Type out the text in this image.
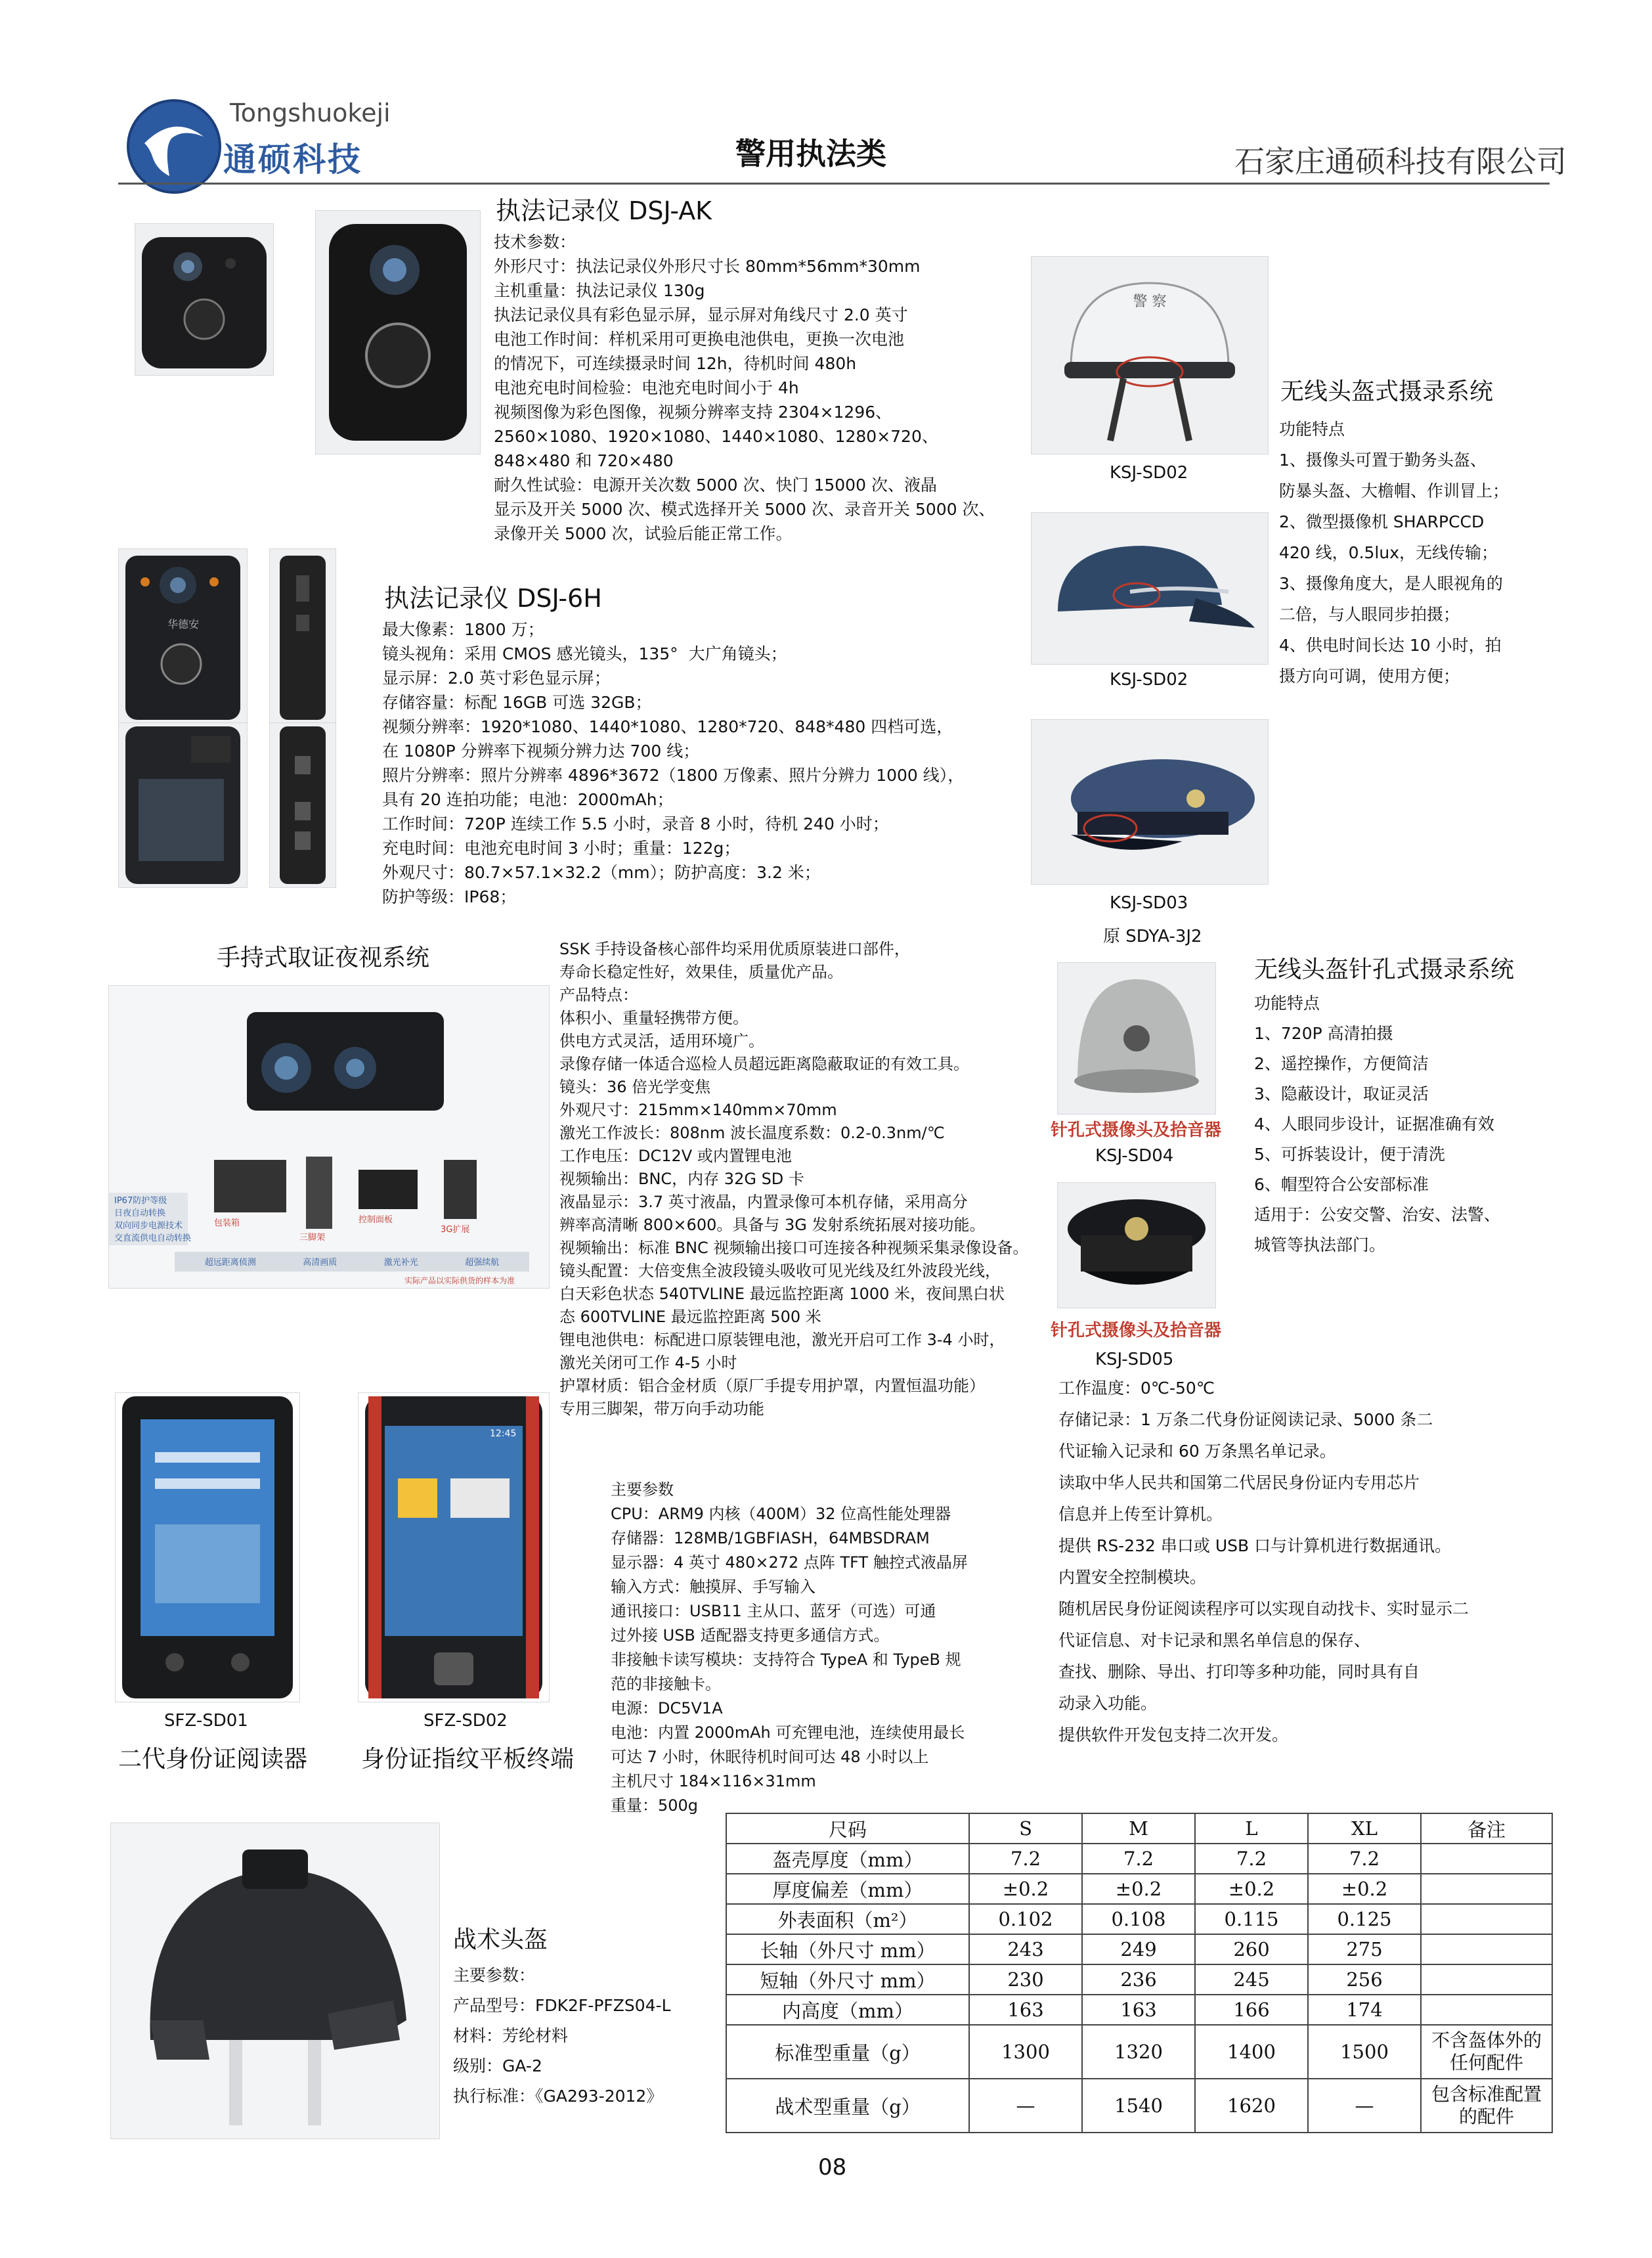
Tongshuokeji
通硕科技	警用执法类	石家庄通硕科技有限公司
执法记录仪 DSJ-AK
技术参数：
外形尺寸：执法记录仪外形尺寸长 80mm*56mm*30mm
主机重量：执法记录仪 130g
执法记录仪具有彩色显示屏，显示屏对角线尺寸 2.0 英寸
电池工作时间：样机采用可更换电池供电，更换一次电池
的情况下，可连续摄录时间 12h，待机时间 480h
电池充电时间检验：电池充电时间小于 4h
视频图像为彩色图像，视频分辨率支持 2304×1296、
2560×1080、1920×1080、1440×1080、1280×720、
848×480 和 720×480
耐久性试验：电源开关次数 5000 次、快门 15000 次、液晶
显示及开关 5000 次、模式选择开关 5000 次、录音开关 5000 次、
录像开关 5000 次，试验后能正常工作。
华德安
执法记录仪 DSJ-6H
最大像素：1800 万；
镜头视角：采用 CMOS 感光镜头，135°  大广角镜头；
显示屏：2.0 英寸彩色显示屏；
存储容量：标配 16GB 可选 32GB；
视频分辨率：1920*1080、1440*1080、1280*720、848*480 四档可选，
在 1080P 分辨率下视频分辨力达 700 线；
照片分辨率：照片分辨率 4896*3672（1800 万像素、照片分辨力 1000 线），
具有 20 连拍功能；电池：2000mAh；
工作时间：720P 连续工作 5.5 小时，录音 8 小时，待机 240 小时；
充电时间：电池充电时间 3 小时；重量：122g；
外观尺寸：80.7×57.1×32.2（mm）；防护高度：3.2 米；
防护等级：IP68；
警 察
KSJ-SD02
KSJ-SD02
KSJ-SD03
原 SDYA-3J2
无线头盔式摄录系统
功能特点
1、摄像头可置于勤务头盔、
防暴头盔、大檐帽、作训冒上；
2、微型摄像机 SHARPCCD
420 线，0.5lux，无线传输；
3、摄像角度大，是人眼视角的
二倍，与人眼同步拍摄；
4、供电时间长达 10 小时，拍
摄方向可调，使用方便；
针孔式摄像头及拾音器
KSJ-SD04
针孔式摄像头及拾音器
KSJ-SD05
无线头盔针孔式摄录系统
功能特点
1、720P 高清拍摄
2、遥控操作，方便简洁
3、隐蔽设计，取证灵活
4、人眼同步设计，证据准确有效
5、可拆装设计，便于清洗
6、帽型符合公安部标准
适用于：公安交警、治安、法警、
城管等执法部门。
手持式取证夜视系统
IP67防护等级
日夜自动转换
双向同步电源技术
交直流供电自动转换
包装箱
三脚架
控制面板
3G扩展
超远距离侦测	高清画质	激光补光	超强续航
实际产品以实际供货的样本为准
SSK 手持设备核心部件均采用优质原装进口部件，
寿命长稳定性好，效果佳，质量优产品。
产品特点：
体积小、重量轻携带方便。
供电方式灵活，适用环境广。
录像存储一体适合巡检人员超远距离隐蔽取证的有效工具。
镜头：36 倍光学变焦
外观尺寸：215mm×140mm×70mm
激光工作波长：808nm 波长温度系数：0.2-0.3nm/℃
工作电压：DC12V 或内置锂电池
视频输出：BNC，内存 32G SD 卡
液晶显示：3.7 英寸液晶，内置录像可本机存储，采用高分
辨率高清晰 800×600。具备与 3G 发射系统拓展对接功能。
视频输出：标准 BNC 视频输出接口可连接各种视频采集录像设备。
镜头配置：大倍变焦全波段镜头吸收可见光线及红外波段光线，
白天彩色状态 540TVLINE 最远监控距离 1000 米，夜间黑白状
态 600TVLINE 最远监控距离 500 米
锂电池供电：标配进口原装锂电池，激光开启可工作 3-4 小时，
激光关闭可工作 4-5 小时
护罩材质：铝合金材质（原厂手提专用护罩，内置恒温功能）
专用三脚架，带万向手动功能
12:45
SFZ-SD01
二代身份证阅读器
SFZ-SD02
身份证指纹平板终端
主要参数
CPU：ARM9 内核（400M）32 位高性能处理器
存储器：128MB/1GBFIASH，64MBSDRAM
显示器：4 英寸 480×272 点阵 TFT 触控式液晶屏
输入方式：触摸屏、手写输入
通讯接口：USB11 主从口、蓝牙（可选）可通
过外接 USB 适配器支持更多通信方式。
非接触卡读写模块：支持符合 TypeA 和 TypeB 规
范的非接触卡。
电源：DC5V1A
电池：内置 2000mAh 可充锂电池，连续使用最长
可达 7 小时，休眠待机时间可达 48 小时以上
主机尺寸 184×116×31mm
重量：500g
工作温度：0℃-50℃
存储记录：1 万条二代身份证阅读记录、5000 条二
代证输入记录和 60 万条黑名单记录。
读取中华人民共和国第二代居民身份证内专用芯片
信息并上传至计算机。
提供 RS-232 串口或 USB 口与计算机进行数据通讯。
内置安全控制模块。
随机居民身份证阅读程序可以实现自动找卡、实时显示二
代证信息、对卡记录和黑名单信息的保存、
查找、删除、导出、打印等多种功能，同时具有自
动录入功能。
提供软件开发包支持二次开发。
战术头盔
主要参数：
产品型号：FDK2F-PFZS04-L
材料：芳纶材料
级别：GA-2
执行标准：《GA293-2012》
尺码	S	M	L	XL	备注
盔壳厚度（mm）	7.2	7.2	7.2	7.2	
厚度偏差（mm）	±0.2	±0.2	±0.2	±0.2	
外表面积（m²）	0.102	0.108	0.115	0.125	
长轴（外尺寸 mm）	243	249	260	275	
短轴（外尺寸 mm）	230	236	245	256	
内高度（mm）	163	163	166	174	
标准型重量（g）	1300	1320	1400	1500	不含盔体外的
任何配件
战术型重量（g）	—	1540	1620	—	包含标准配置
的配件
08
